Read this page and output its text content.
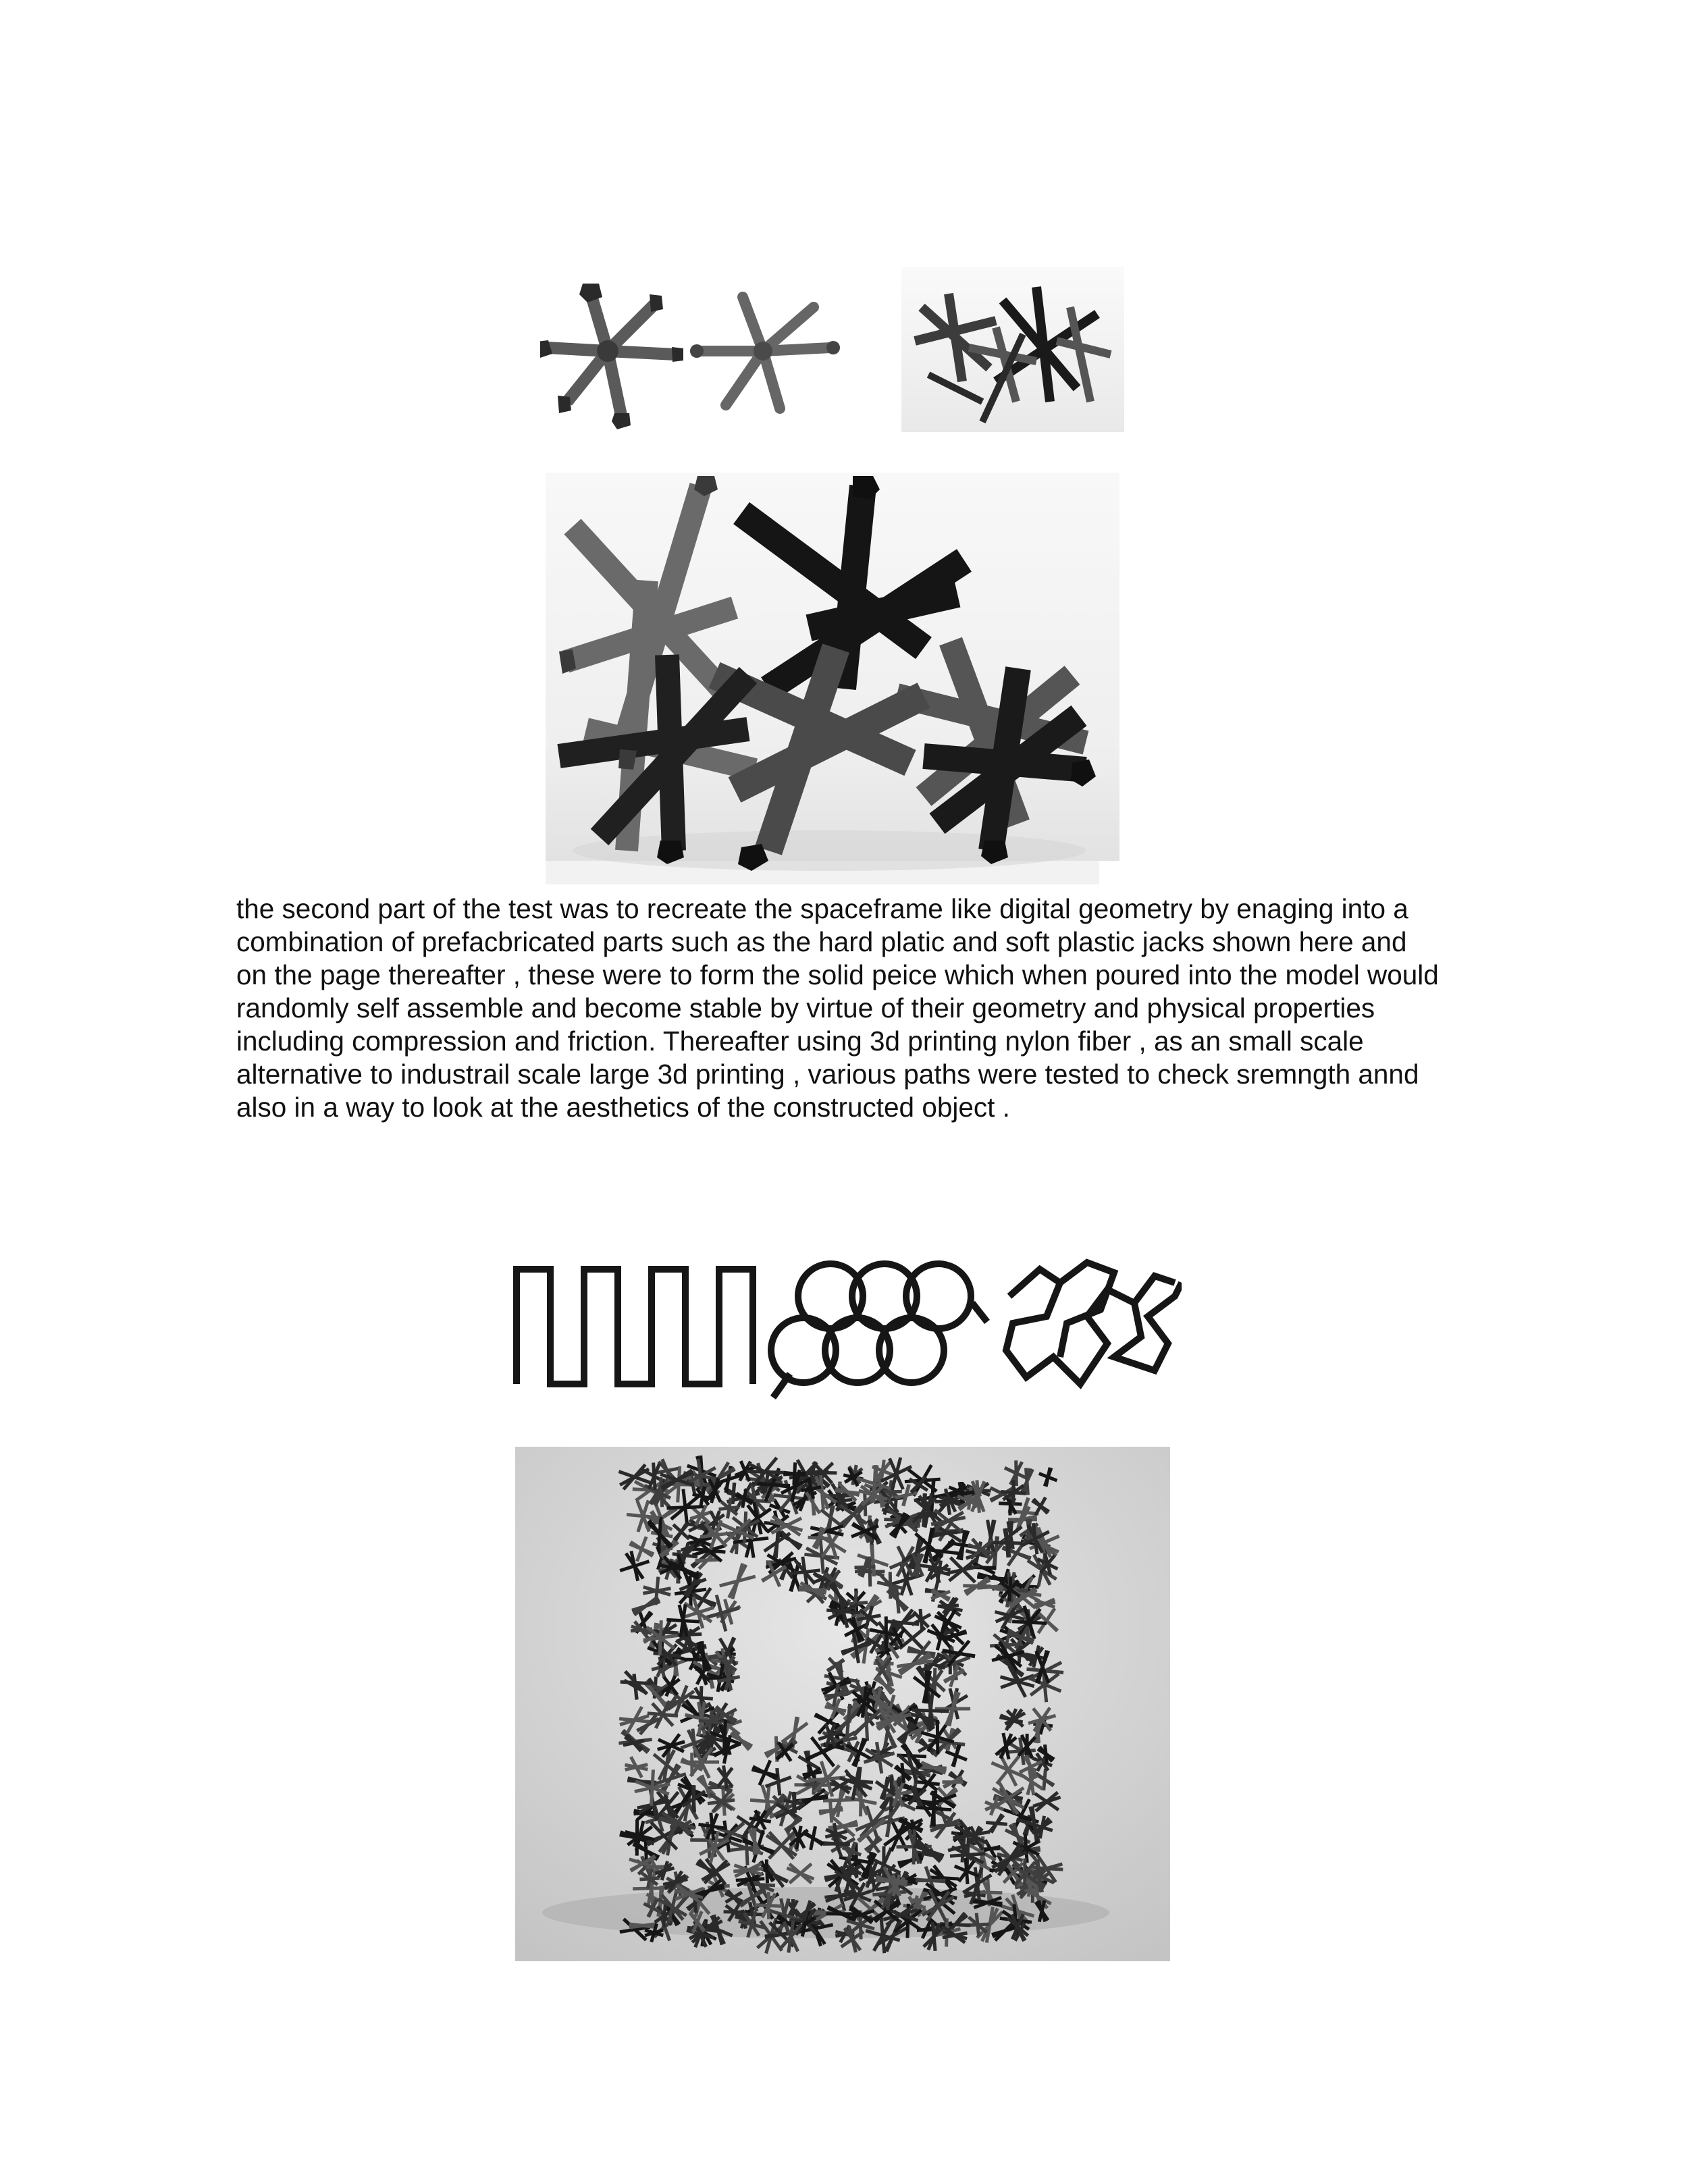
the second part of the test was to recreate the spaceframe like digital geometry by enaging into a
combination of prefacbricated parts such as the hard platic and soft plastic jacks shown here and
on the page thereafter , these were to form the solid peice which when poured into the model would
randomly self assemble and become stable by virtue of their geometry and physical properties
including compression and friction. Thereafter using 3d printing nylon fiber , as an small scale
alternative to industrail scale large 3d printing , various paths were tested to check sremngth annd
also in a way to look at the aesthetics of the constructed object .
